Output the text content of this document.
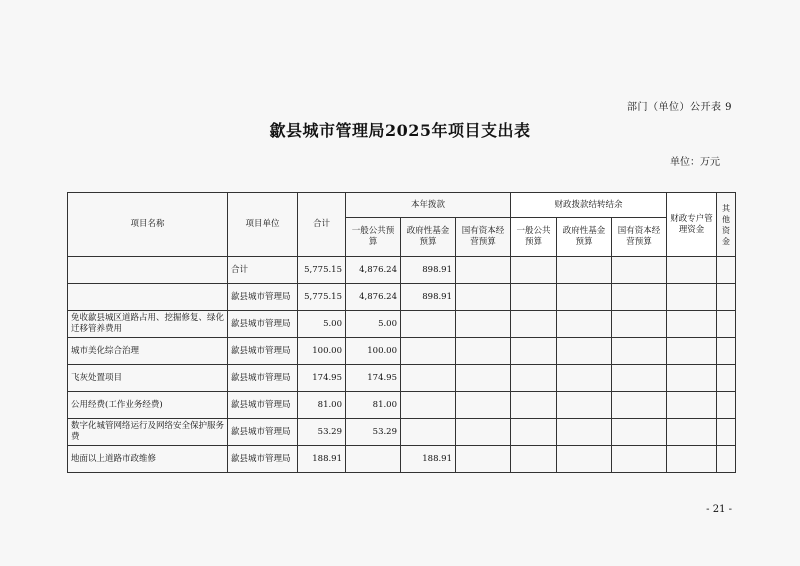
部门（单位）公开表 9
歙县城市管理局2025年项目支出表
单位：万元
项目名称	项目单位	合计	本年拨款			财政拨款结转结余			财政专户管理资金	其他资金
			一般公共预算	政府性基金预算	国有资本经营预算	一般公共预算	政府性基金预算	国有资本经营预算		
	合计	5,775.15	4,876.24	898.91						
	歙县城市管理局	5,775.15	4,876.24	898.91						
免收歙县城区道路占用、挖掘修复、绿化迁移管养费用	歙县城市管理局	5.00	5.00							
城市美化综合治理	歙县城市管理局	100.00	100.00							
飞灰处置项目	歙县城市管理局	174.95	174.95							
公用经费(工作业务经费)	歙县城市管理局	81.00	81.00							
数字化城管网络运行及网络安全保护服务费	歙县城市管理局	53.29	53.29							
地面以上道路市政维修	歙县城市管理局	188.91		188.91						
- 21 -
